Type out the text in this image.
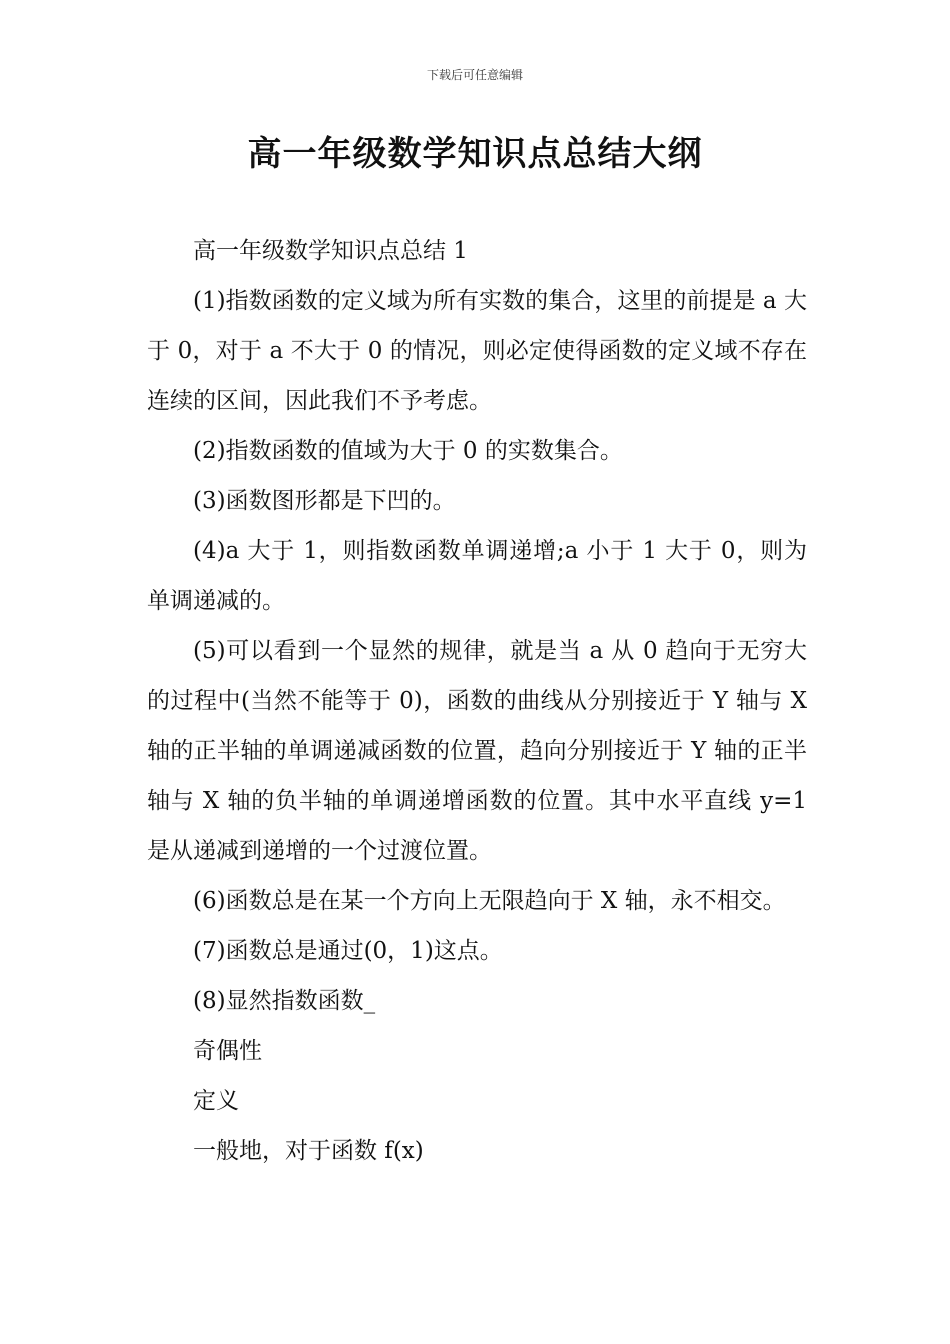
下载后可任意编辑
高一年级数学知识点总结大纲

高一年级数学知识点总结 1

(1)指数函数的定义域为所有实数的集合，这里的前提是 a 大于 0，对于 a 不大于 0 的情况，则必定使得函数的定义域不存在连续的区间，因此我们不予考虑。

(2)指数函数的值域为大于 0 的实数集合。

(3)函数图形都是下凹的。

(4)a 大于 1，则指数函数单调递增;a 小于 1 大于 0，则为单调递减的。

(5)可以看到一个显然的规律，就是当 a 从 0 趋向于无穷大的过程中(当然不能等于 0)，函数的曲线从分别接近于 Y 轴与 X 轴的正半轴的单调递减函数的位置，趋向分别接近于 Y 轴的正半轴与 X 轴的负半轴的单调递增函数的位置。其中水平直线 y=1 是从递减到递增的一个过渡位置。

(6)函数总是在某一个方向上无限趋向于 X 轴，永不相交。

(7)函数总是通过(0，1)这点。

(8)显然指数函数_

奇偶性

定义

一般地，对于函数 f(x)
